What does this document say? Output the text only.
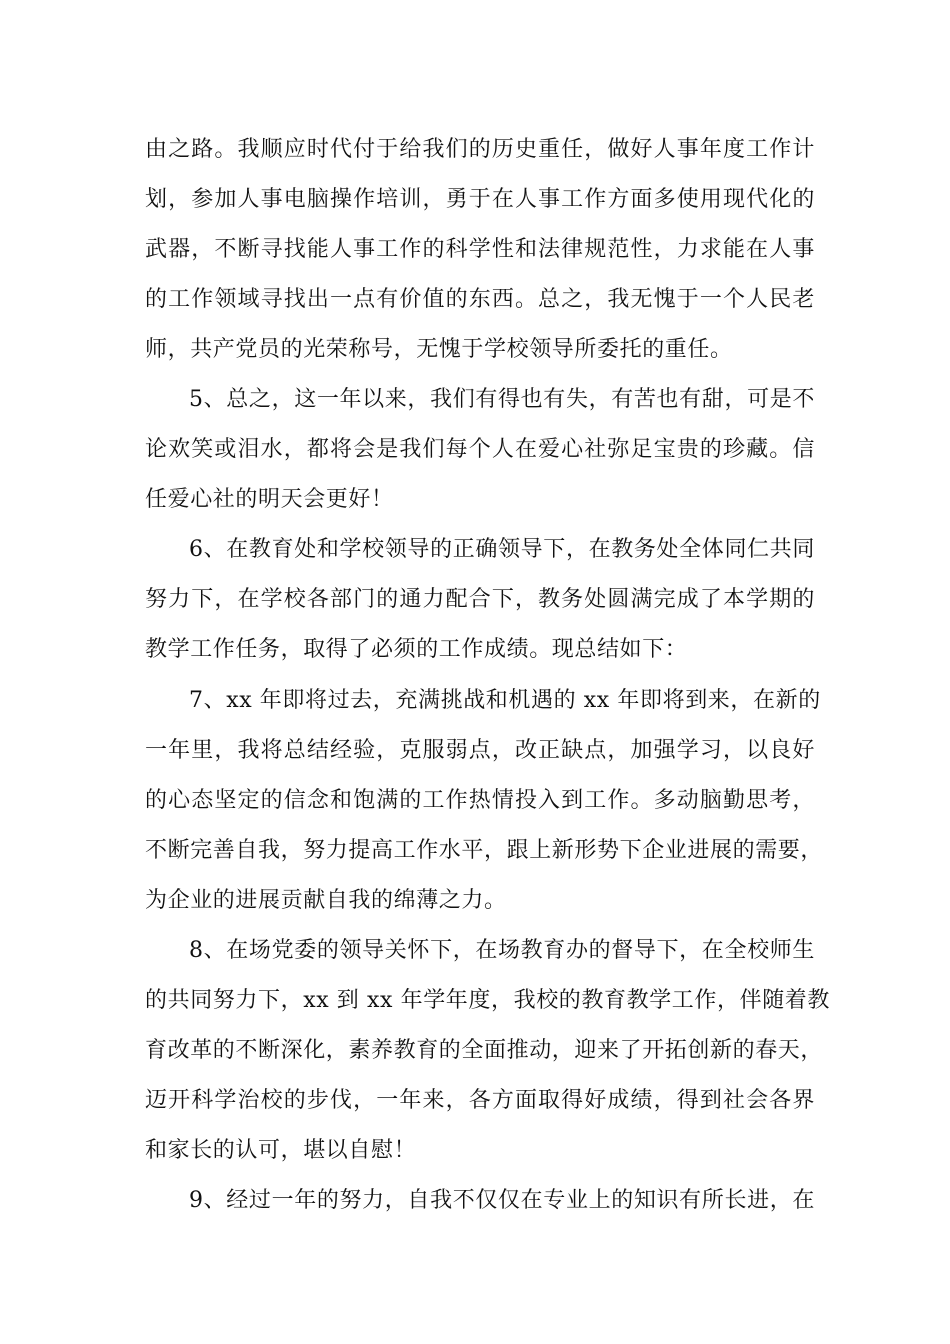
由之路。我顺应时代付于给我们的历史重任，做好人事年度工作计
划，参加人事电脑操作培训，勇于在人事工作方面多使用现代化的
武器，不断寻找能人事工作的科学性和法律规范性，力求能在人事
的工作领域寻找出一点有价值的东西。总之，我无愧于一个人民老
师，共产党员的光荣称号，无愧于学校领导所委托的重任。
5、总之，这一年以来，我们有得也有失，有苦也有甜，可是不
论欢笑或泪水，都将会是我们每个人在爱心社弥足宝贵的珍藏。信
任爱心社的明天会更好！
6、在教育处和学校领导的正确领导下，在教务处全体同仁共同
努力下，在学校各部门的通力配合下，教务处圆满完成了本学期的
教学工作任务，取得了必须的工作成绩。现总结如下：
7、xx 年即将过去，充满挑战和机遇的 xx 年即将到来，在新的
一年里，我将总结经验，克服弱点，改正缺点，加强学习，以良好
的心态坚定的信念和饱满的工作热情投入到工作。多动脑勤思考，
不断完善自我，努力提高工作水平，跟上新形势下企业进展的需要，
为企业的进展贡献自我的绵薄之力。
8、在场党委的领导关怀下，在场教育办的督导下，在全校师生
的共同努力下，xx 到 xx 年学年度，我校的教育教学工作，伴随着教
育改革的不断深化，素养教育的全面推动，迎来了开拓创新的春天，
迈开科学治校的步伐，一年来，各方面取得好成绩，得到社会各界
和家长的认可，堪以自慰！
9、经过一年的努力，自我不仅仅在专业上的知识有所长进，在
